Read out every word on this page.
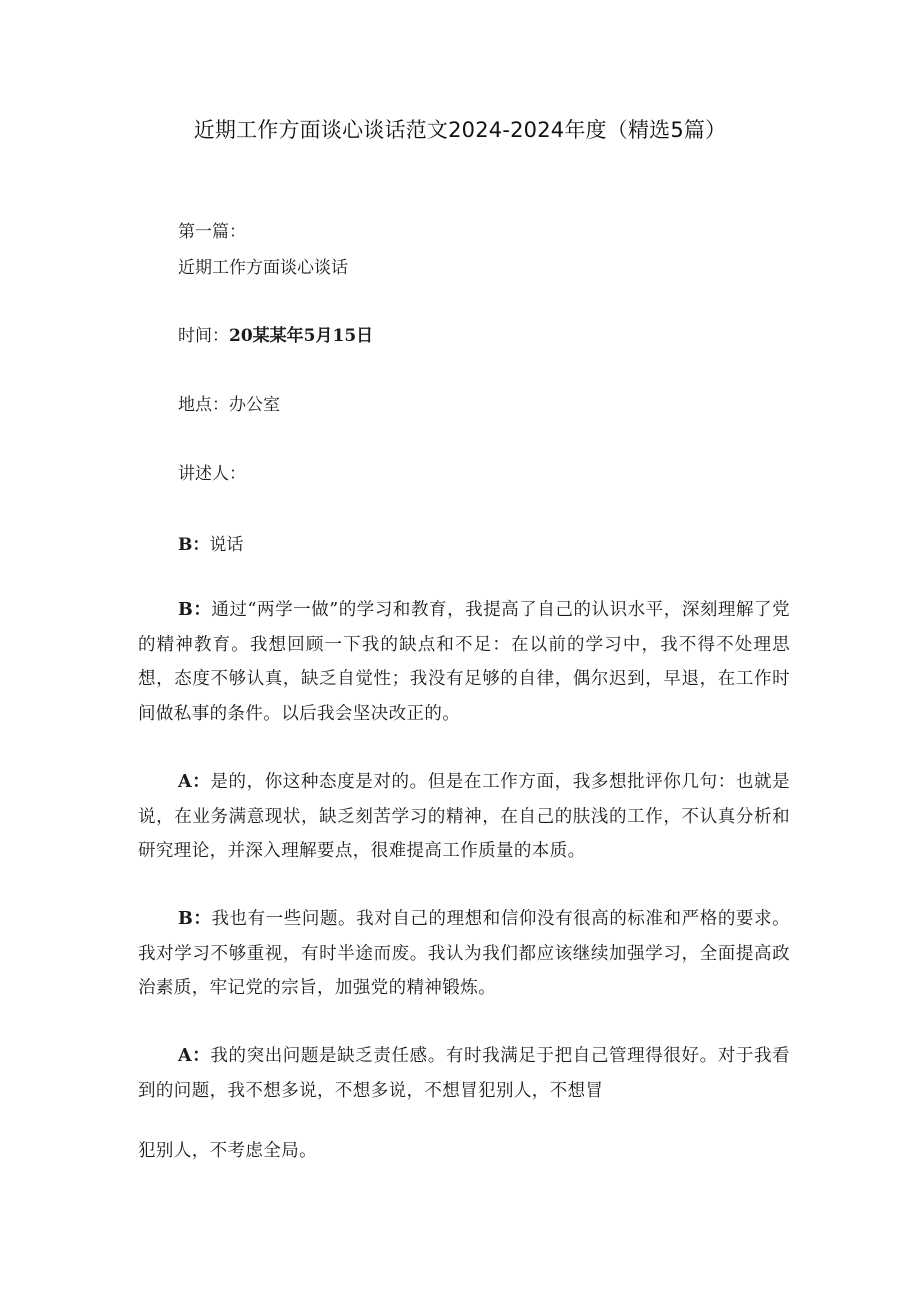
近期工作方面谈心谈话范文2024-2024年度（精选5篇）
第一篇：
近期工作方面谈心谈话
时间：20某某年5月15日
地点：办公室
讲述人：
B：说话
B：通过“两学一做”的学习和教育，我提高了自己的认识水平，深刻理解了党的精神教育。我想回顾一下我的缺点和不足：在以前的学习中，我不得不处理思想，态度不够认真，缺乏自觉性；我没有足够的自律，偶尔迟到，早退，在工作时间做私事的条件。以后我会坚决改正的。
A：是的，你这种态度是对的。但是在工作方面，我多想批评你几句：也就是说，在业务满意现状，缺乏刻苦学习的精神，在自己的肤浅的工作，不认真分析和研究理论，并深入理解要点，很难提高工作质量的本质。
B：我也有一些问题。我对自己的理想和信仰没有很高的标准和严格的要求。我对学习不够重视，有时半途而废。我认为我们都应该继续加强学习，全面提高政治素质，牢记党的宗旨，加强党的精神锻炼。
A：我的突出问题是缺乏责任感。有时我满足于把自己管理得很好。对于我看到的问题，我不想多说，不想多说，不想冒犯别人，不想冒
犯别人，不考虑全局。
